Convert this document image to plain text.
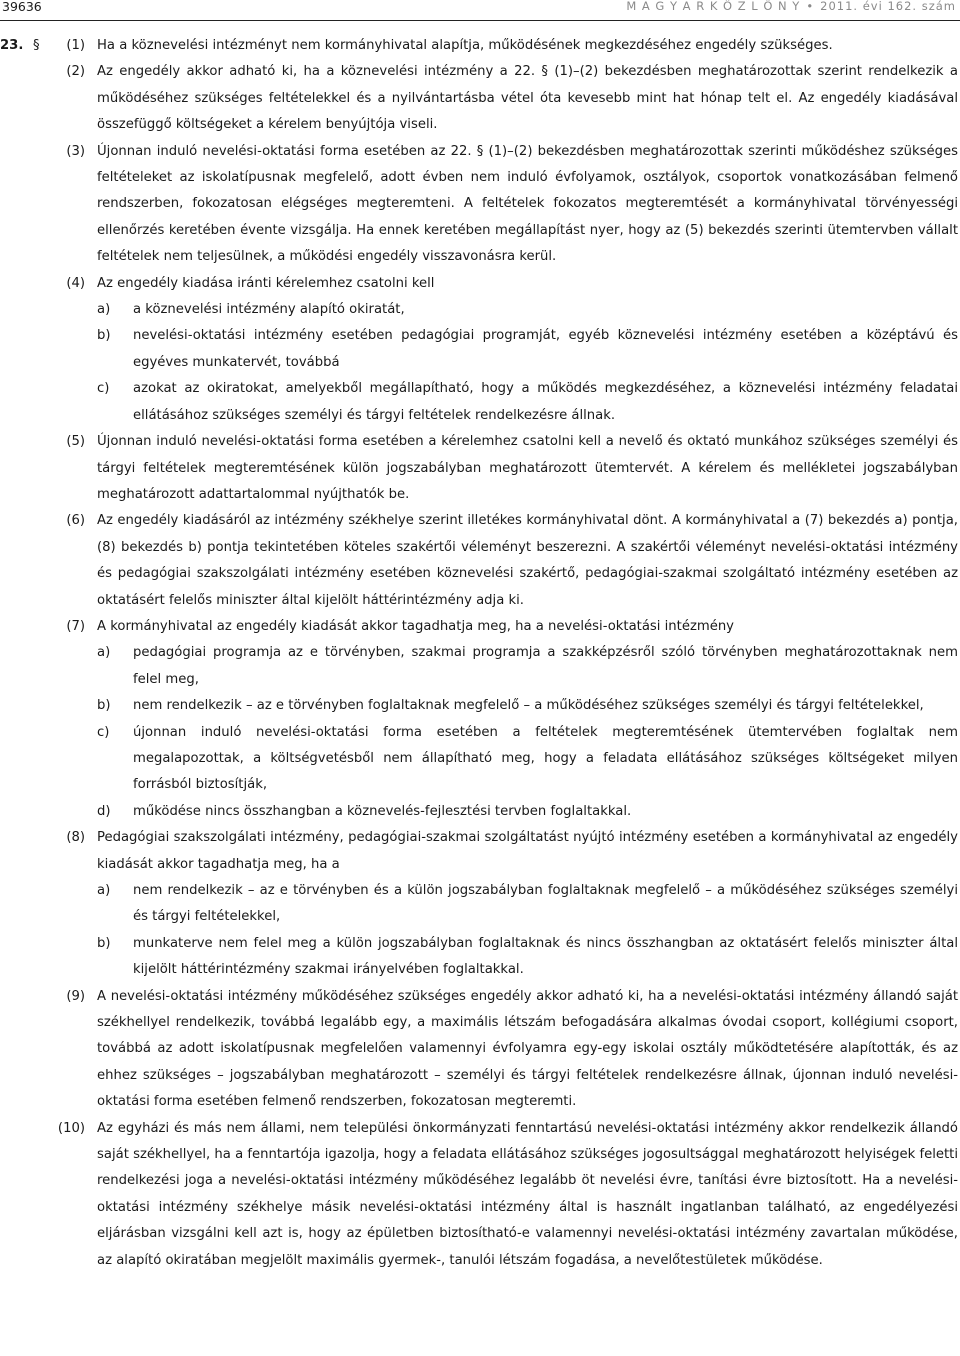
39636	M A G Y A R K Ö Z L Ö N Y • 2011. évi 162. szám
23. § (1) Ha a köznevelési intézményt nem kormányhivatal alapítja, működésének megkezdéséhez engedély szükséges.
(2) Az engedély akkor adható ki, ha a köznevelési intézmény a 22. § (1)–(2) bekezdésben meghatározottak szerint rendelkezik a működéséhez szükséges feltételekkel és a nyilvántartásba vétel óta kevesebb mint hat hónap telt el. Az engedély kiadásával összefüggő költségeket a kérelem benyújtója viseli.
(3) Újonnan induló nevelési-oktatási forma esetében az 22. § (1)–(2) bekezdésben meghatározottak szerinti működéshez szükséges feltételeket az iskolatípusnak megfelelő, adott évben nem induló évfolyamok, osztályok, csoportok vonatkozásában felmenő rendszerben, fokozatosan elégséges megteremteni. A feltételek fokozatos megteremtését a kormányhivatal törvényességi ellenőrzés keretében évente vizsgálja. Ha ennek keretében megállapítást nyer, hogy az (5) bekezdés szerinti ütemtervben vállalt feltételek nem teljesülnek, a működési engedély visszavonásra kerül.
(4) Az engedély kiadása iránti kérelemhez csatolni kell
a) a köznevelési intézmény alapító okiratát,
b) nevelési-oktatási intézmény esetében pedagógiai programját, egyéb köznevelési intézmény esetében a középtávú és egyéves munkatervét, továbbá
c) azokat az okiratokat, amelyekből megállapítható, hogy a működés megkezdéséhez, a köznevelési intézmény feladatai ellátásához szükséges személyi és tárgyi feltételek rendelkezésre állnak.
(5) Újonnan induló nevelési-oktatási forma esetében a kérelemhez csatolni kell a nevelő és oktató munkához szükséges személyi és tárgyi feltételek megteremtésének külön jogszabályban meghatározott ütemtervét. A kérelem és mellékletei jogszabályban meghatározott adattartalommal nyújthatók be.
(6) Az engedély kiadásáról az intézmény székhelye szerint illetékes kormányhivatal dönt. A kormányhivatal a (7) bekezdés a) pontja, (8) bekezdés b) pontja tekintetében köteles szakértői véleményt beszerezni. A szakértői véleményt nevelési-oktatási intézmény és pedagógiai szakszolgálati intézmény esetében köznevelési szakértő, pedagógiai-szakmai szolgáltató intézmény esetében az oktatásért felelős miniszter által kijelölt háttérintézmény adja ki.
(7) A kormányhivatal az engedély kiadását akkor tagadhatja meg, ha a nevelési-oktatási intézmény
a) pedagógiai programja az e törvényben, szakmai programja a szakképzésről szóló törvényben meghatározottaknak nem felel meg,
b) nem rendelkezik – az e törvényben foglaltaknak megfelelő – a működéséhez szükséges személyi és tárgyi feltételekkel,
c) újonnan induló nevelési-oktatási forma esetében a feltételek megteremtésének ütemtervében foglaltak nem megalapozottak, a költségvetésből nem állapítható meg, hogy a feladata ellátásához szükséges költségeket milyen forrásból biztosítják,
d) működése nincs összhangban a köznevelés-fejlesztési tervben foglaltakkal.
(8) Pedagógiai szakszolgálati intézmény, pedagógiai-szakmai szolgáltatást nyújtó intézmény esetében a kormányhivatal az engedély kiadását akkor tagadhatja meg, ha a
a) nem rendelkezik – az e törvényben és a külön jogszabályban foglaltaknak megfelelő – a működéséhez szükséges személyi és tárgyi feltételekkel,
b) munkaterve nem felel meg a külön jogszabályban foglaltaknak és nincs összhangban az oktatásért felelős miniszter által kijelölt háttérintézmény szakmai irányelvében foglaltakkal.
(9) A nevelési-oktatási intézmény működéséhez szükséges engedély akkor adható ki, ha a nevelési-oktatási intézmény állandó saját székhellyel rendelkezik, továbbá legalább egy, a maximális létszám befogadására alkalmas óvodai csoport, kollégiumi csoport, továbbá az adott iskolatípusnak megfelelően valamennyi évfolyamra egy-egy iskolai osztály működtetésére alapították, és az ehhez szükséges – jogszabályban meghatározott – személyi és tárgyi feltételek rendelkezésre állnak, újonnan induló nevelési-oktatási forma esetében felmenő rendszerben, fokozatosan megteremti.
(10) Az egyházi és más nem állami, nem települési önkormányzati fenntartású nevelési-oktatási intézmény akkor rendelkezik állandó saját székhellyel, ha a fenntartója igazolja, hogy a feladata ellátásához szükséges jogosultsággal meghatározott helyiségek feletti rendelkezési joga a nevelési-oktatási intézmény működéséhez legalább öt nevelési évre, tanítási évre biztosított. Ha a nevelési-oktatási intézmény székhelye másik nevelési-oktatási intézmény által is használt ingatlanban található, az engedélyezési eljárásban vizsgálni kell azt is, hogy az épületben biztosítható-e valamennyi nevelési-oktatási intézmény zavartalan működése, az alapító okiratában megjelölt maximális gyermek-, tanulói létszám fogadása, a nevelőtestületek működése.
